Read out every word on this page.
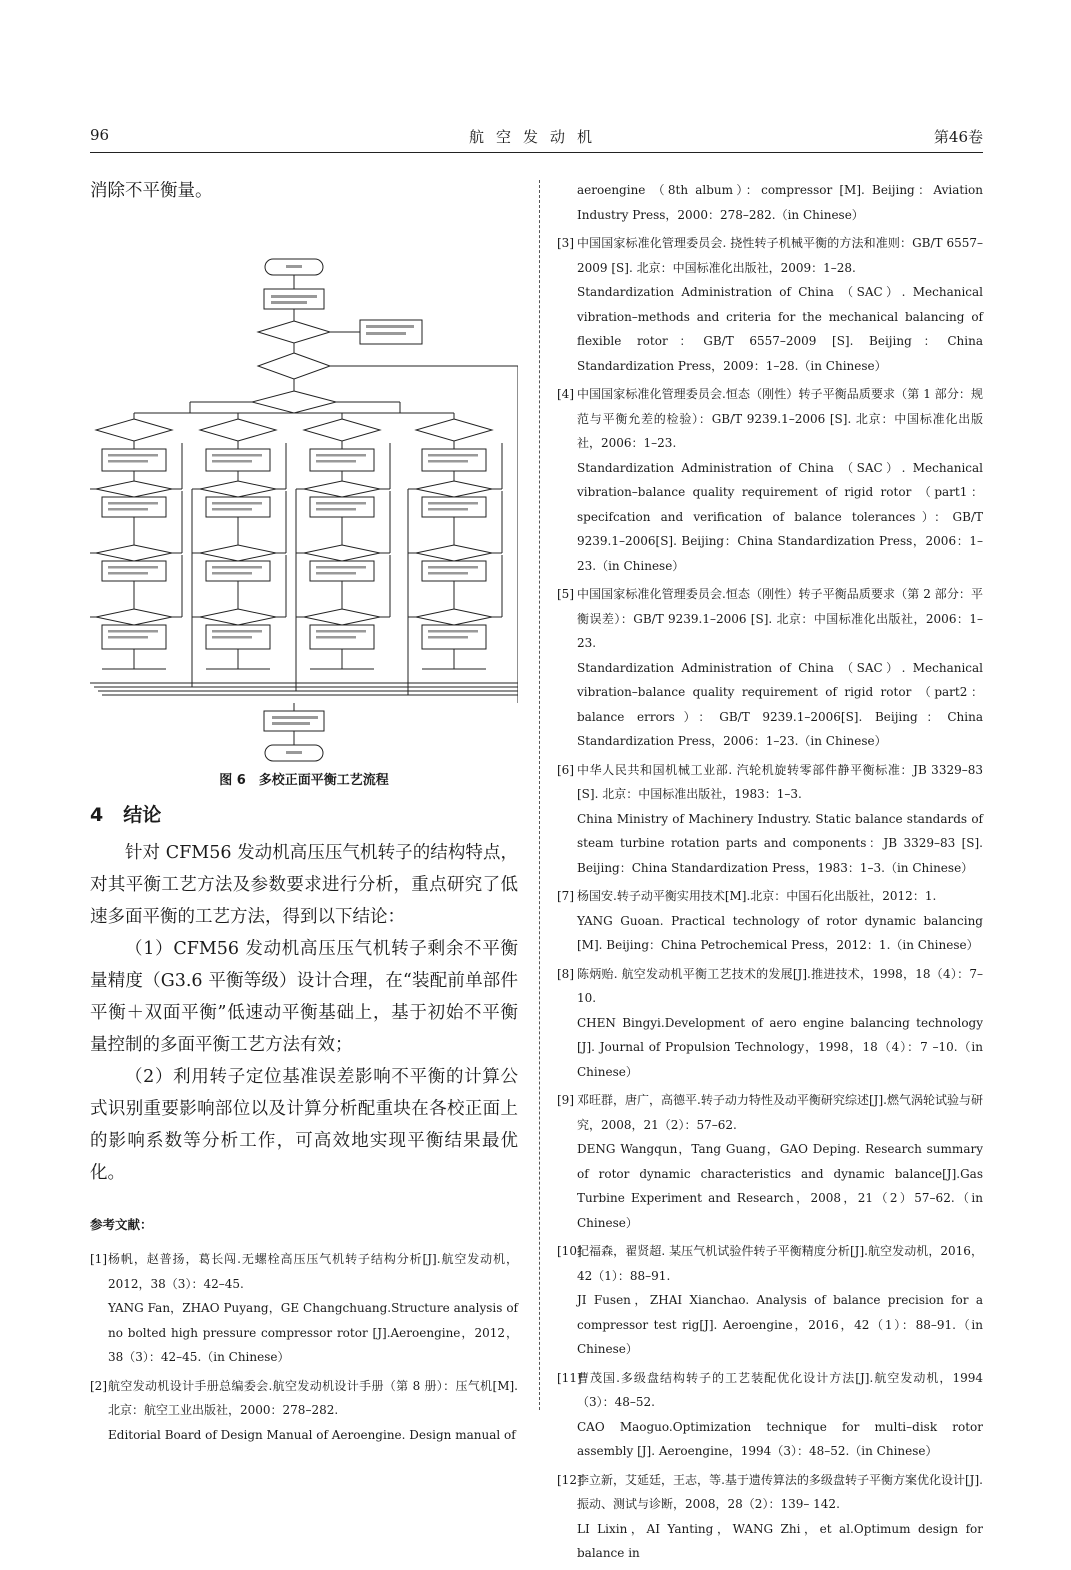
96	航空发动机	第46卷

消除不平衡量。

图 6　多校正面平衡工艺流程
4 结论

针对 CFM56 发动机高压压气机转子的结构特点，对其平衡工艺方法及参数要求进行分析，重点研究了低速多面平衡的工艺方法，得到以下结论：

（1）CFM56 发动机高压压气机转子剩余不平衡量精度（G3.6 平衡等级）设计合理，在“装配前单部件平衡＋双面平衡”低速动平衡基础上，基于初始不平衡量控制的多面平衡工艺方法有效；

（2）利用转子定位基准误差影响不平衡的计算公式识别重要影响部位以及计算分析配重块在各校正面上的影响系数等分析工作，可高效地实现平衡结果最优化。

参考文献：
[1] 杨帆，赵普扬，葛长闯.无螺栓高压压气机转子结构分析[J].航空发动机，2012，38（3）：42–45.

YANG Fan，ZHAO Puyang，GE Changchuang.Structure analysis of no bolted high pressure compressor rotor [J].Aeroengine，2012，38（3）：42–45.（in Chinese）

[2] 航空发动机设计手册总编委会.航空发动机设计手册（第 8 册）：压气机[M]. 北京：航空工业出版社，2000：278–282.

Editorial Board of Design Manual of Aeroengine. Design manual of

aeroengine （8th album）：compressor [M]. Beijing：Aviation Industry Press，2000：278–282.（in Chinese）

[3] 中国国家标准化管理委员会. 挠性转子机械平衡的方法和准则：GB/T 6557–2009 [S]. 北京：中国标准化出版社，2009：1–28.

Standardization Administration of China （SAC）. Mechanical vibration–methods and criteria for the mechanical balancing of flexible rotor：GB/T 6557–2009 [S]. Beijing：China Standardization Press，2009：1–28.（in Chinese）

[4] 中国国家标准化管理委员会.恒态（刚性）转子平衡品质要求（第 1 部分：规范与平衡允差的检验）：GB/T 9239.1–2006 [S]. 北京：中国标准化出版社，2006：1–23.

Standardization Administration of China （SAC）. Mechanical vibration–balance quality requirement of rigid rotor （part1：specifcation and verification of balance tolerances）：GB/T 9239.1–2006[S]. Beijing：China Standardization Press，2006：1–23.（in Chinese）

[5] 中国国家标准化管理委员会.恒态（刚性）转子平衡品质要求（第 2 部分：平衡误差）：GB/T 9239.1–2006 [S]. 北京：中国标准化出版社，2006：1–23.

Standardization Administration of China （SAC）. Mechanical vibration–balance quality requirement of rigid rotor （part2：balance errors）：GB/T 9239.1–2006[S]. Beijing：China Standardization Press，2006：1–23.（in Chinese）

[6] 中华人民共和国机械工业部. 汽轮机旋转零部件静平衡标准：JB 3329–83 [S]. 北京：中国标准出版社，1983：1–3.

China Ministry of Machinery Industry. Static balance standards of steam turbine rotation parts and components：JB 3329–83 [S]. Beijing：China Standardization Press，1983：1–3.（in Chinese）

[7] 杨国安.转子动平衡实用技术[M].北京：中国石化出版社，2012：1.

YANG Guoan. Practical technology of rotor dynamic balancing [M]. Beijing：China Petrochemical Press，2012：1.（in Chinese）

[8] 陈炳贻. 航空发动机平衡工艺技术的发展[J].推进技术，1998，18（4）：7–10.

CHEN Bingyi.Development of aero engine balancing technology [J]. Journal of Propulsion Technology，1998，18（4）：7 –10.（in Chinese）

[9] 邓旺群，唐广，高德平.转子动力特性及动平衡研究综述[J].燃气涡轮试验与研究，2008，21（2）：57–62.

DENG Wangqun，Tang Guang，GAO Deping. Research summary of rotor dynamic characteristics and dynamic balance[J].Gas Turbine Experiment and Research，2008，21（2）57–62.（in Chinese）

[10]

纪福森，翟贤超. 某压气机试验件转子平衡精度分析[J].航空发动机，2016，42（1）：88–91.

JI Fusen，ZHAI Xianchao. Analysis of balance precision for a compressor test rig[J]. Aeroengine，2016，42（1）：88–91.（in Chinese）

[11]

曹茂国.多级盘结构转子的工艺装配优化设计方法[J].航空发动机，1994（3）：48–52.

CAO Maoguo.Optimization technique for multi–disk rotor assembly [J]. Aeroengine，1994（3）：48–52.（in Chinese）

[12]

李立新，艾延廷，王志，等.基于遗传算法的多级盘转子平衡方案优化设计[J].振动、测试与诊断，2008，28（2）：139– 142.

LI Lixin，AI Yanting，WANG Zhi，et al.Optimum design for balance in
